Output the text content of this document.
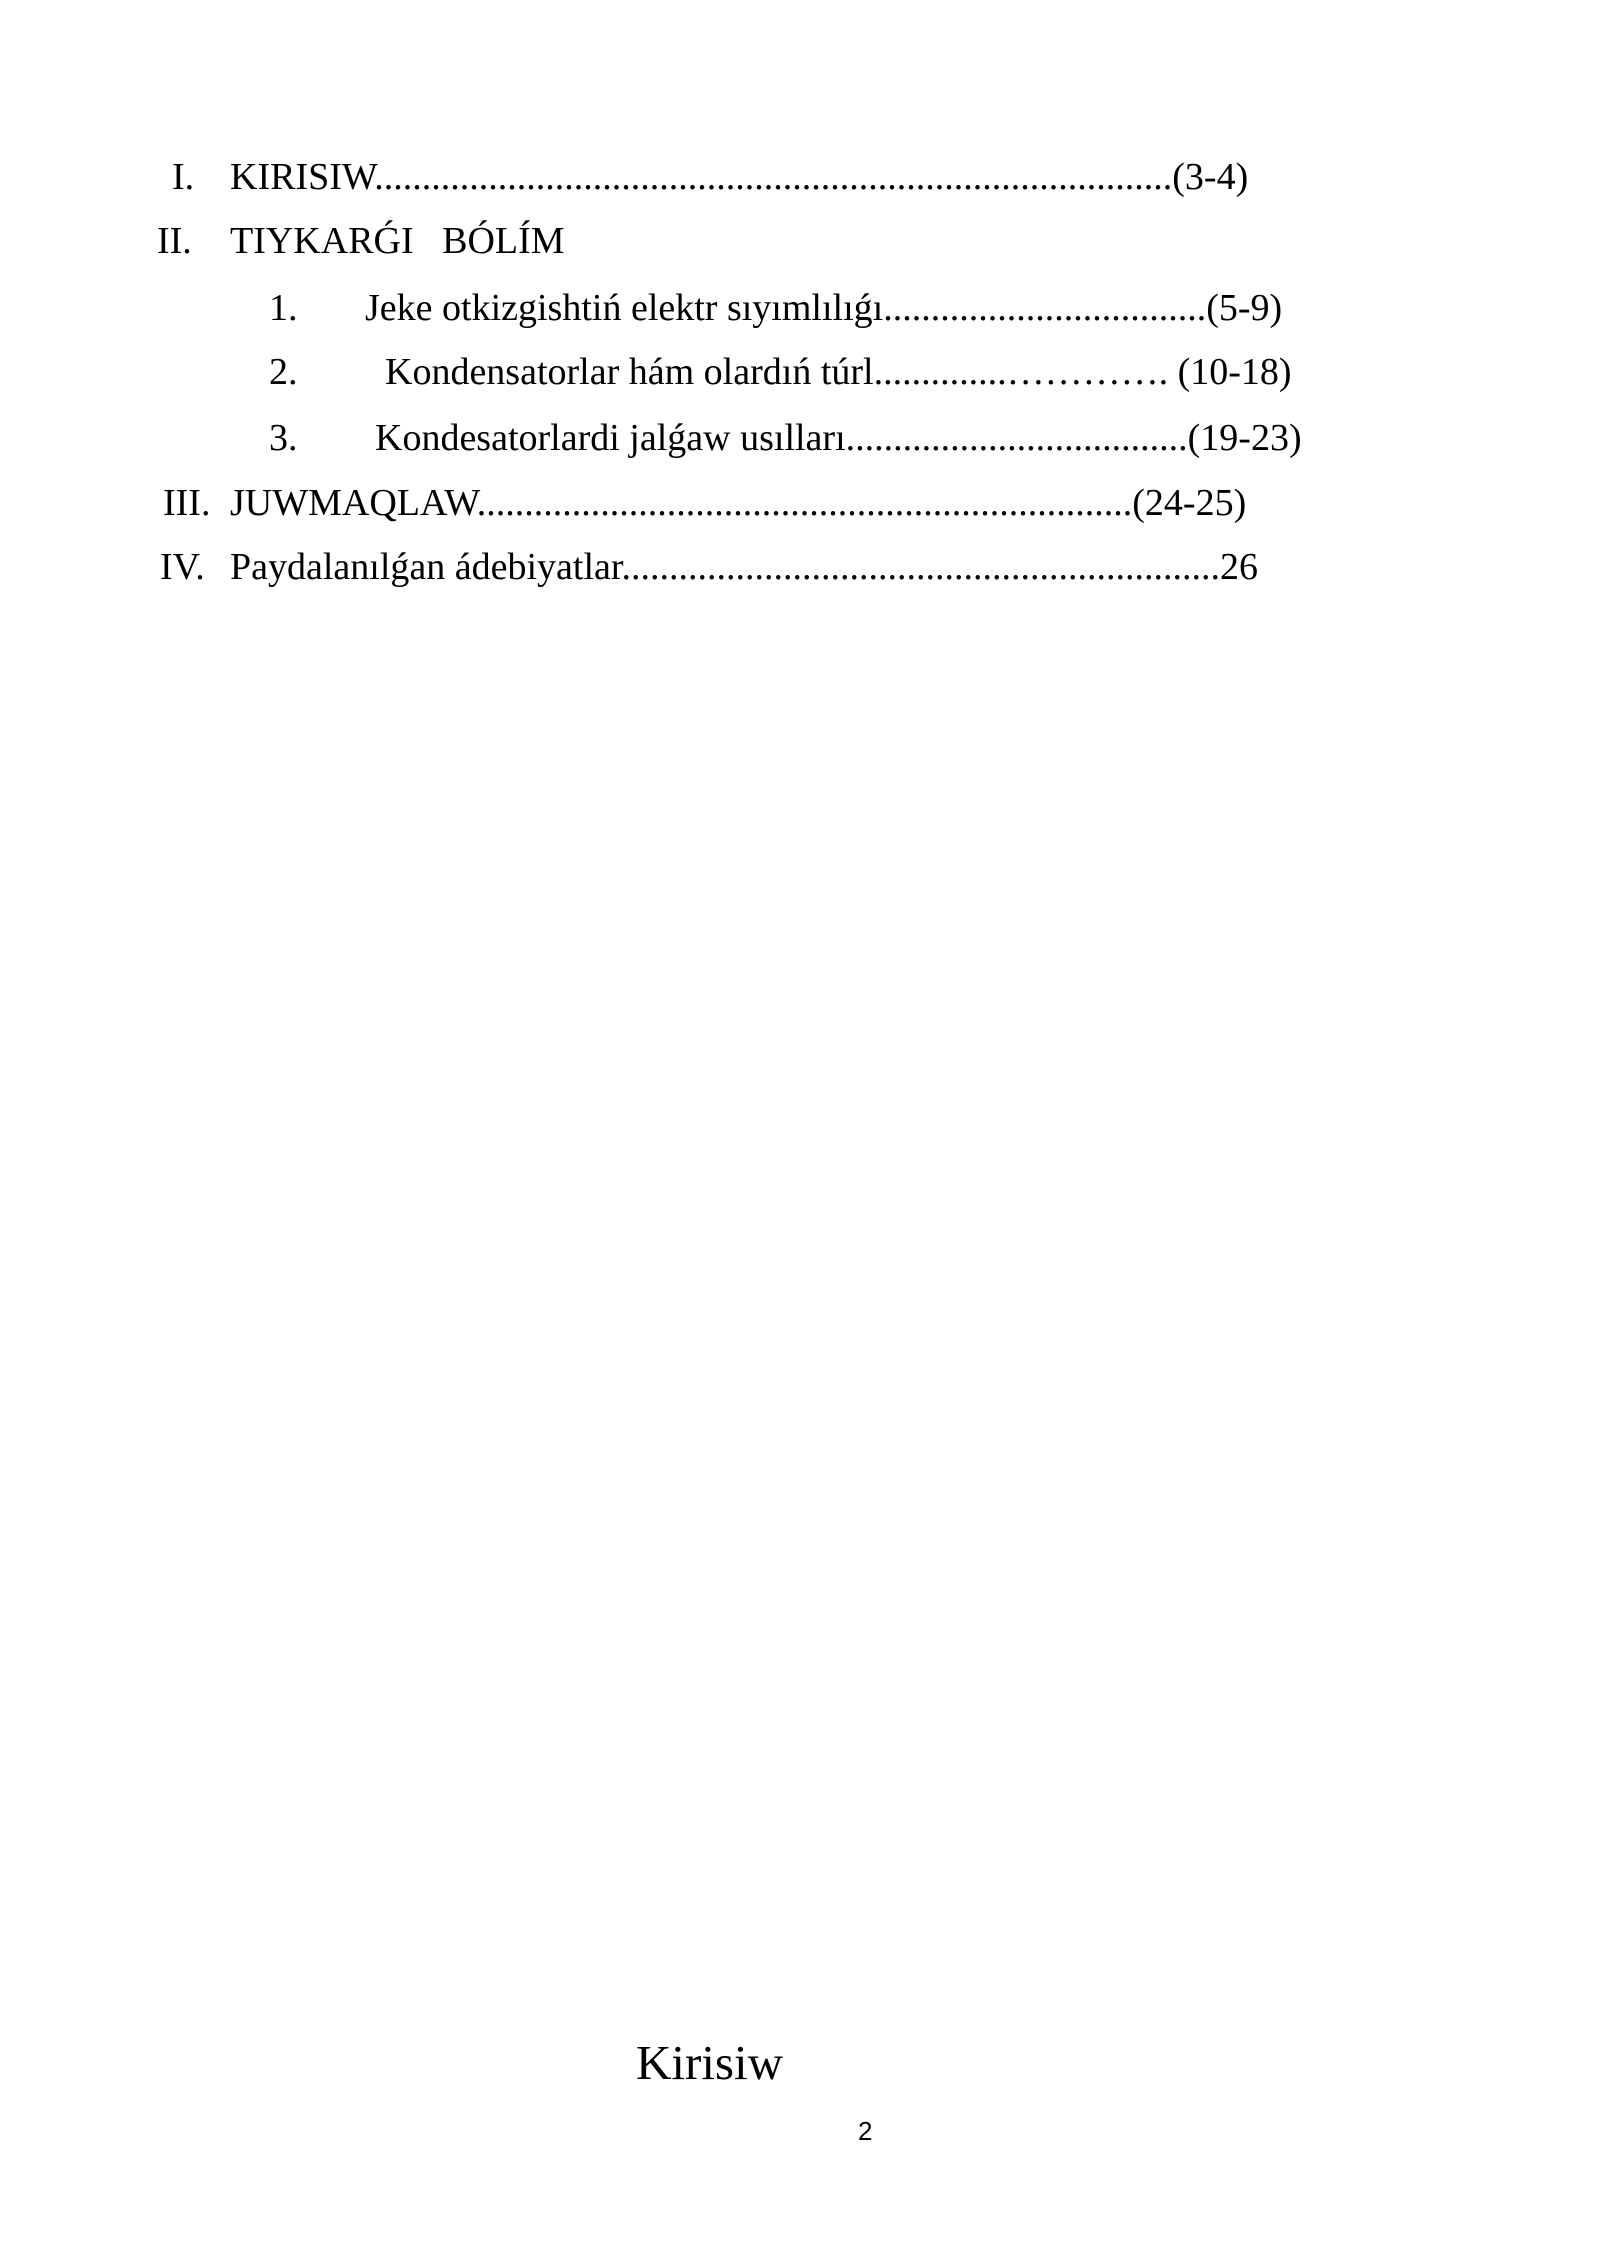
I. KIRISIW....................................................................................(3-4)
II. TIYKARǴI   BÓLÍM
1. Jeke otkizgishtiń elektr sıyımlılıǵı..................................(5-9)
2. Kondensatorlar hám olardıń túrl..............…………. (10-18)
3. Kondesatorlardi jalǵaw usılları....................................(19-23)
III. JUWMAQLAW.....................................................................(24-25)
IV. Paydalanılǵan ádebiyatlar...............................................................26
Kirisiw
2
